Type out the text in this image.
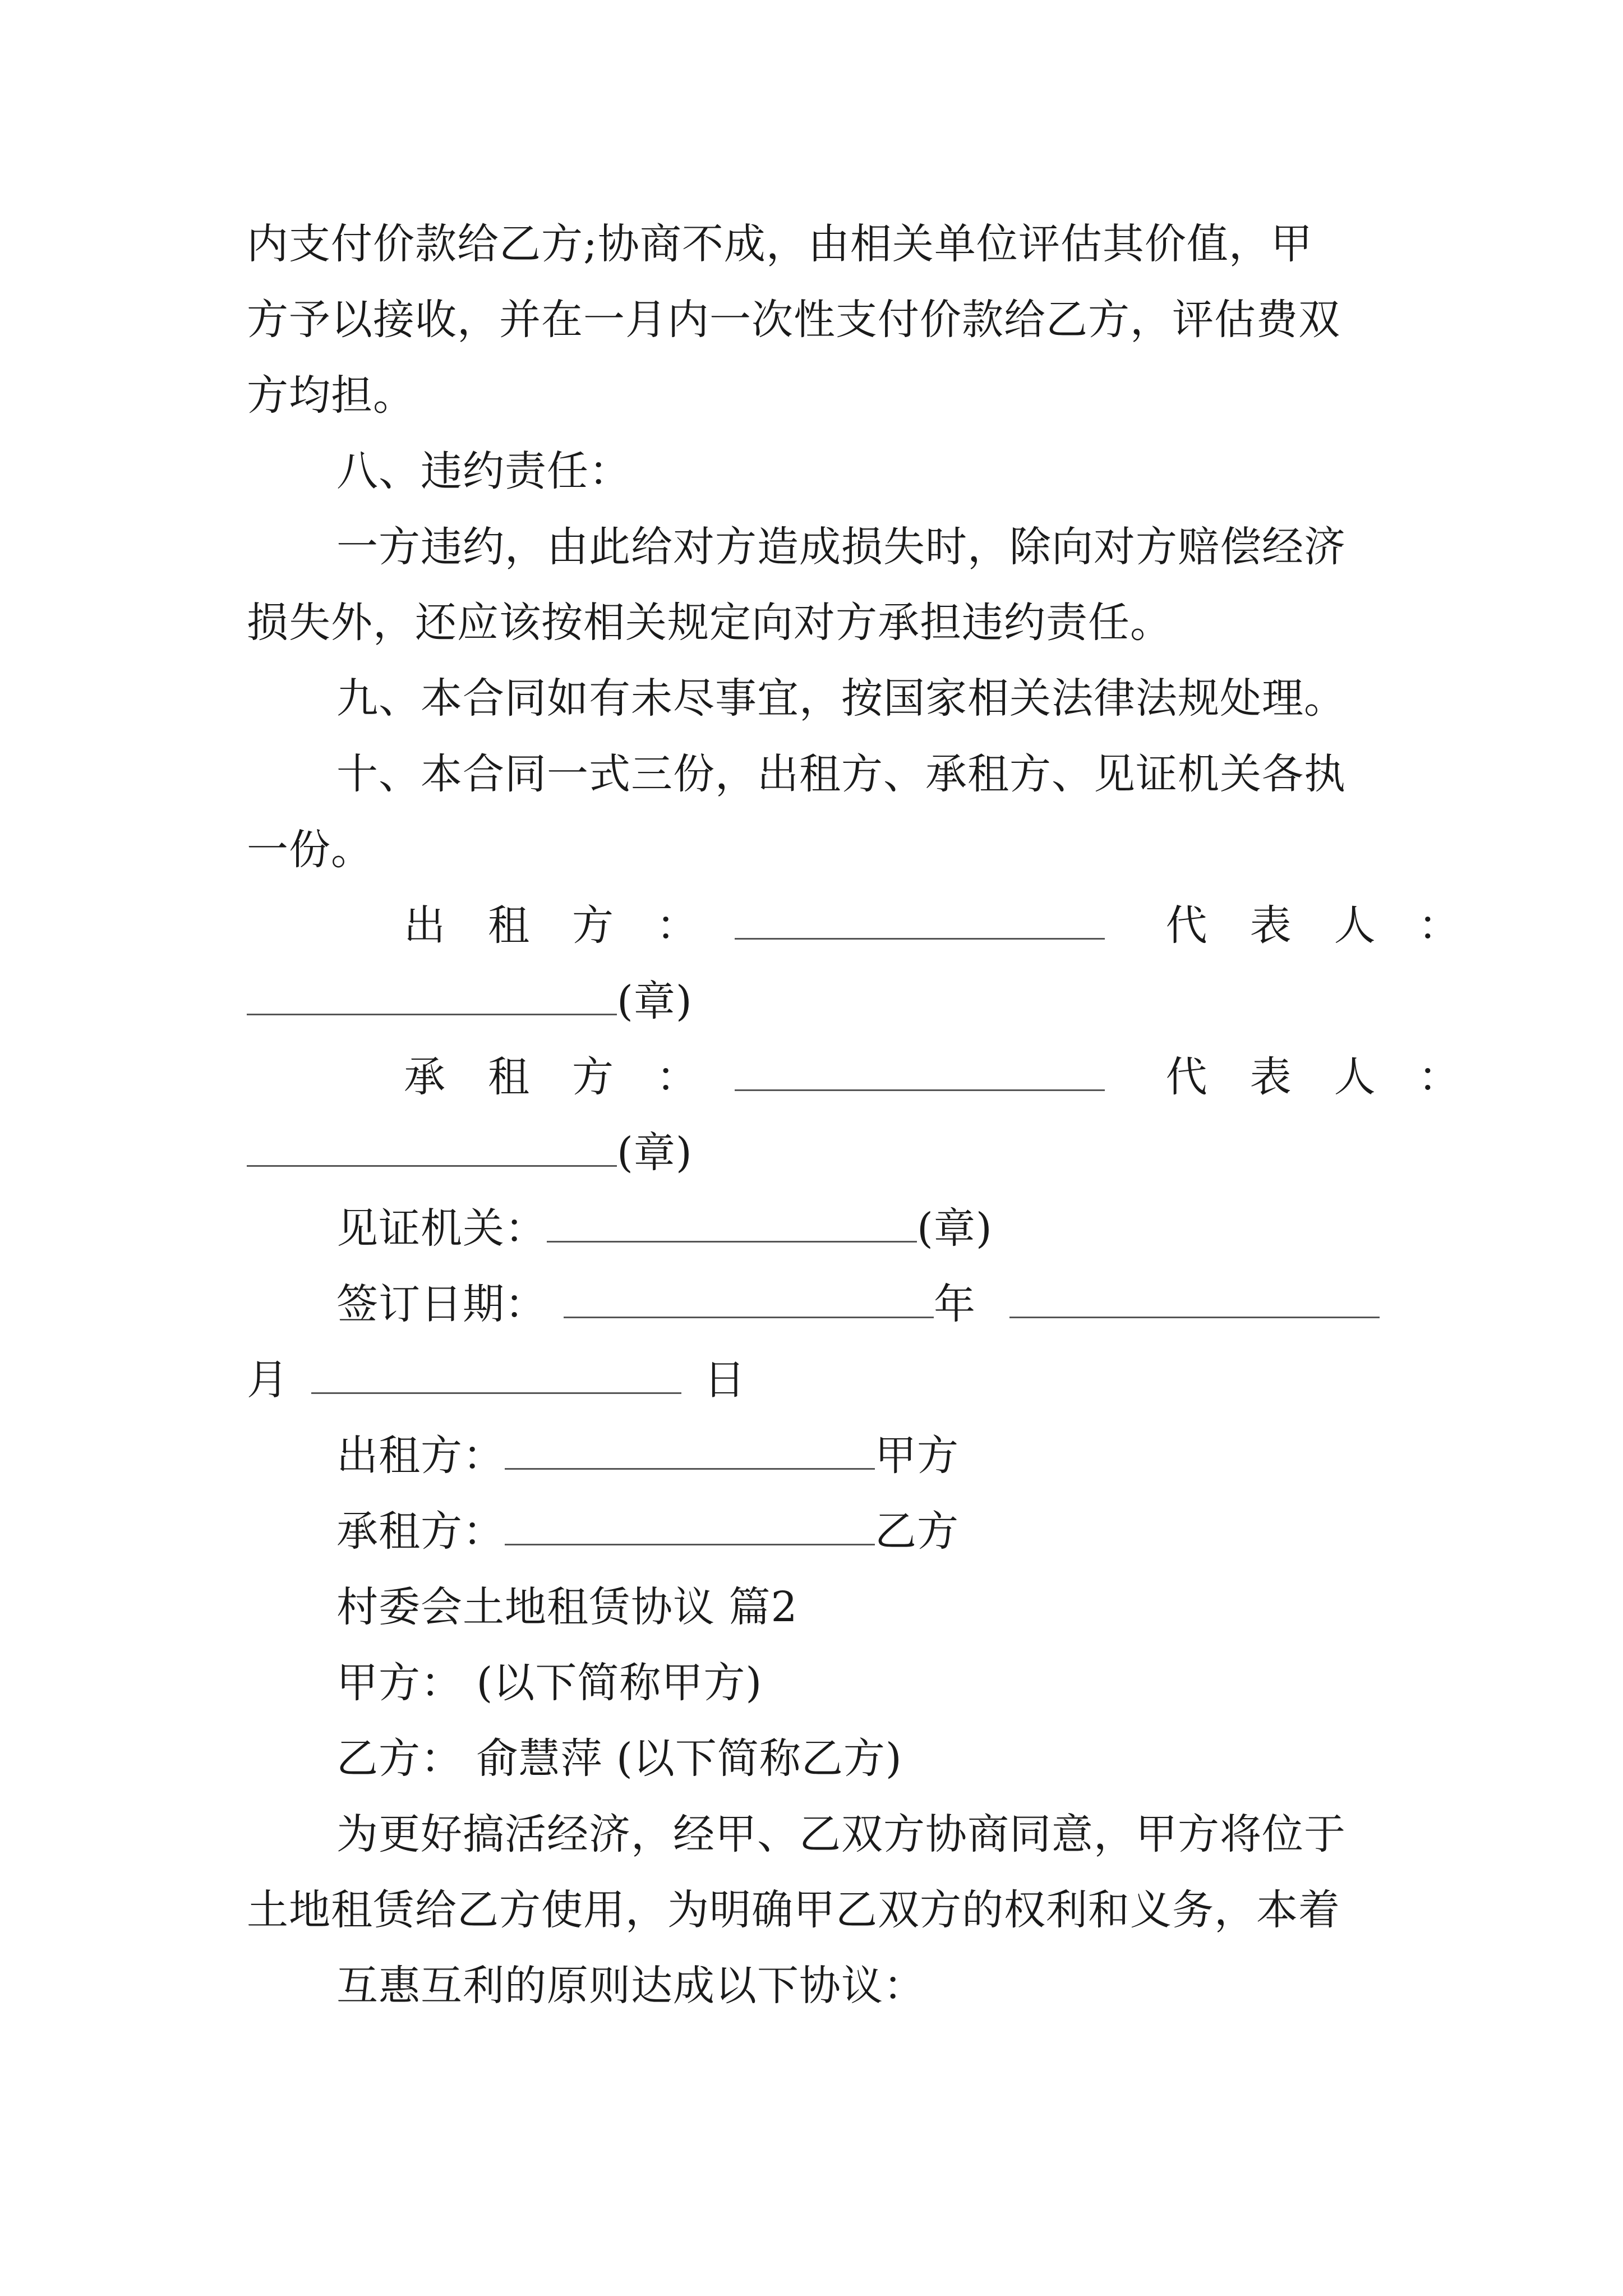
内支付价款给乙方;协商不成，由相关单位评估其价值，甲
方予以接收，并在一月内一次性支付价款给乙方，评估费双
方均担。
八、违约责任：
一方违约，由此给对方造成损失时，除向对方赔偿经济
损失外，还应该按相关规定向对方承担违约责任。
九、本合同如有未尽事宜，按国家相关法律法规处理。
十、本合同一式三份，出租方、承租方、见证机关各执
一份。
出　租　方　：	代　表　人　：
(章)
承　租　方　：	代　表　人　：
(章)
见证机关：	(章)
签订日期：	年
月	日
出租方：	甲方
承租方：	乙方
村委会土地租赁协议 篇2
甲方： (以下简称甲方)
乙方： 俞慧萍 (以下简称乙方)
为更好搞活经济，经甲、乙双方协商同意，甲方将位于
土地租赁给乙方使用，为明确甲乙双方的权利和义务，本着
互惠互利的原则达成以下协议：
